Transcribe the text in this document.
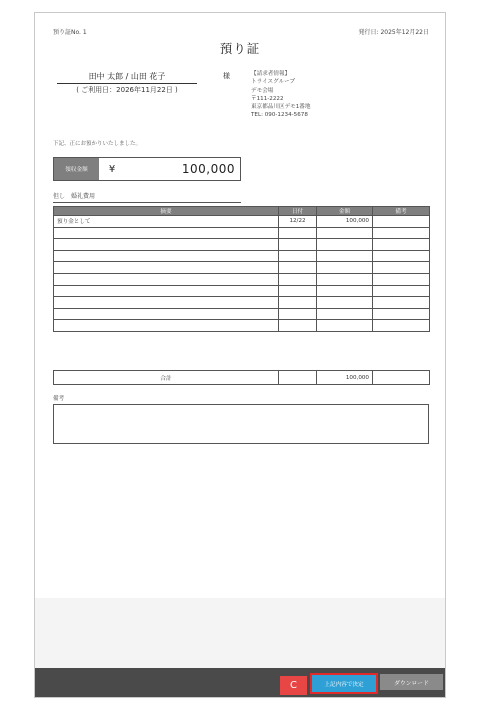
預り証No. 1	発行日: 2025年12月22日
預り証
田中 太郎 / 山田 花子	様
( ご利用日：2026年11月22日 )
【請求者情報】
トライスグループ
デモ会場
〒111-2222
東京都品川区デモ1番地
TEL: 090-1234-5678
下記、正にお預かりいたしました。
領収金額	¥	100,000
但し　婚礼費用
摘要	日付	金額	備考
預り金として	12/22	100,000	

合計		100,000	
備考
C	上記内容で決定	ダウンロード
